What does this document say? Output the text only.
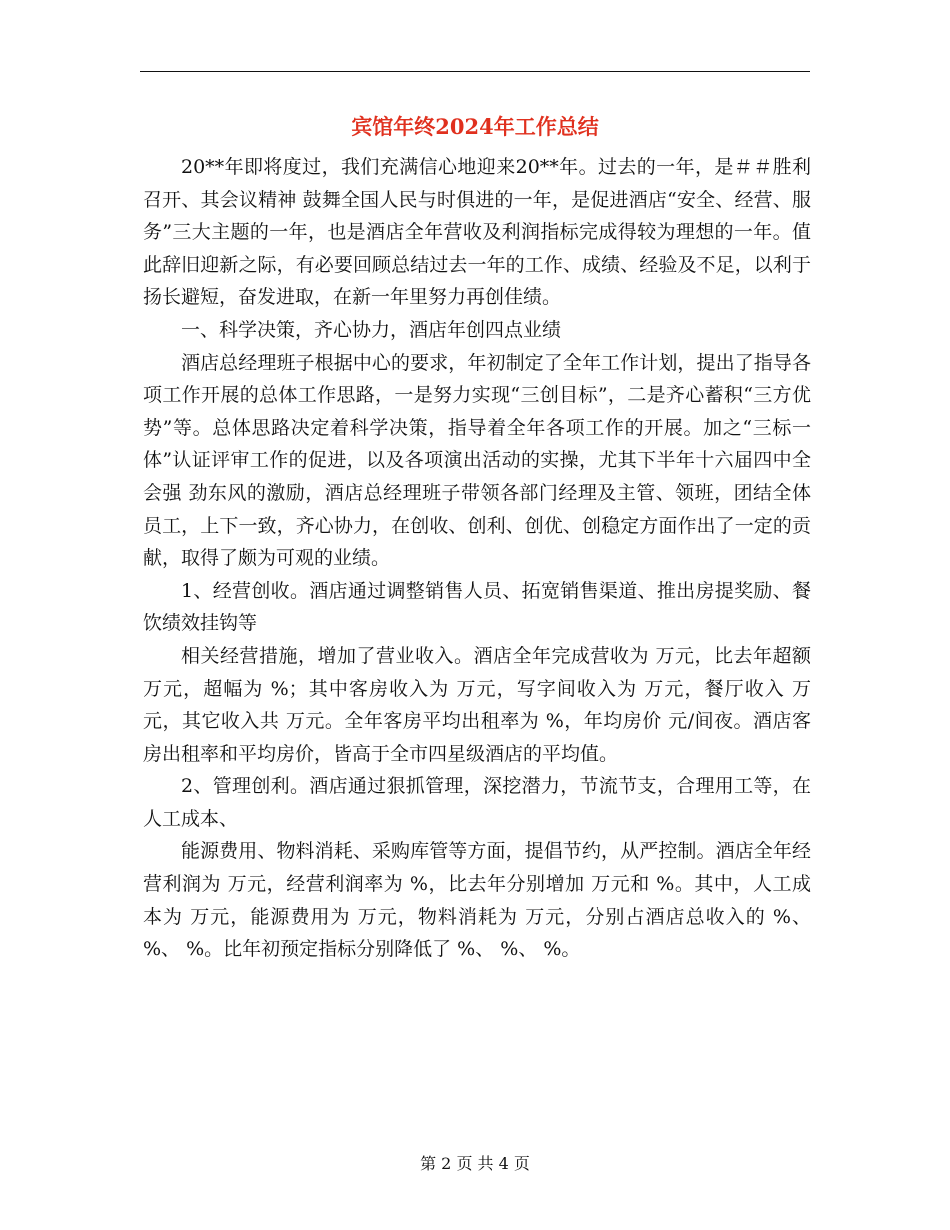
宾馆年终2024年工作总结

20**年即将度过，我们充满信心地迎来20**年。过去的一年，是＃＃胜利召开、其会议精神 鼓舞全国人民与时俱进的一年，是促进酒店“安全、经营、服务”三大主题的一年，也是酒店全年营收及利润指标完成得较为理想的一年。值此辞旧迎新之际，有必要回顾总结过去一年的工作、成绩、经验及不足，以利于扬长避短，奋发进取，在新一年里努力再创佳绩。

一、科学决策，齐心协力，酒店年创四点业绩

酒店总经理班子根据中心的要求，年初制定了全年工作计划，提出了指导各项工作开展的总体工作思路，一是努力实现“三创目标”，二是齐心蓄积“三方优势”等。总体思路决定着科学决策，指导着全年各项工作的开展。加之“三标一体”认证评审工作的促进，以及各项演出活动的实操，尤其下半年十六届四中全会强 劲东风的激励，酒店总经理班子带领各部门经理及主管、领班，团结全体员工，上下一致，齐心协力，在创收、创利、创优、创稳定方面作出了一定的贡献，取得了颇为可观的业绩。

1、经营创收。酒店通过调整销售人员、拓宽销售渠道、推出房提奖励、餐饮绩效挂钩等

相关经营措施，增加了营业收入。酒店全年完成营收为 万元，比去年超额 万元，超幅为 %；其中客房收入为 万元，写字间收入为 万元，餐厅收入 万元，其它收入共 万元。全年客房平均出租率为 %，年均房价 元/间夜。酒店客房出租率和平均房价，皆高于全市四星级酒店的平均值。

2、管理创利。酒店通过狠抓管理，深挖潜力，节流节支，合理用工等，在人工成本、

能源费用、物料消耗、采购库管等方面，提倡节约，从严控制。酒店全年经营利润为 万元，经营利润率为 %，比去年分别增加 万元和 %。其中，人工成本为 万元，能源费用为 万元，物料消耗为 万元，分别占酒店总收入的 %、 %、 %。比年初预定指标分别降低了 %、 %、 %。

第 2 页 共 4 页
